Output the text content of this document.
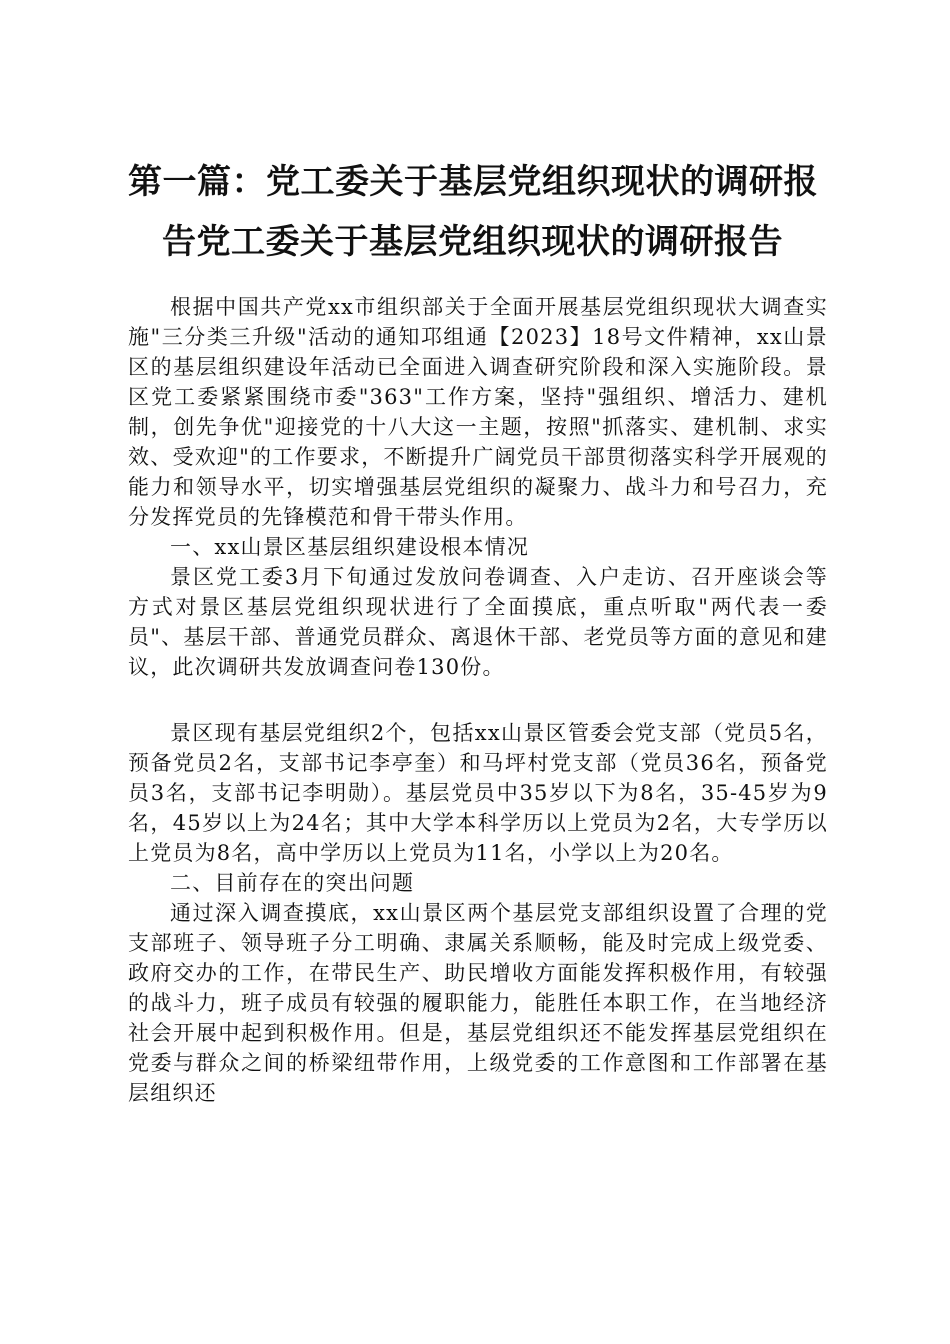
第一篇：党工委关于基层党组织现状的调研报
告党工委关于基层党组织现状的调研报告

根据中国共产党xx市组织部关于全面开展基层党组织现状大调查实施"三分类三升级"活动的通知邛组通【2023】18号文件精神，xx山景区的基层组织建设年活动已全面进入调查研究阶段和深入实施阶段。景区党工委紧紧围绕市委"363"工作方案，坚持"强组织、增活力、建机制，创先争优"迎接党的十八大这一主题，按照"抓落实、建机制、求实效、受欢迎"的工作要求，不断提升广阔党员干部贯彻落实科学开展观的能力和领导水平，切实增强基层党组织的凝聚力、战斗力和号召力，充分发挥党员的先锋模范和骨干带头作用。

一、xx山景区基层组织建设根本情况

景区党工委3月下旬通过发放问卷调查、入户走访、召开座谈会等方式对景区基层党组织现状进行了全面摸底，重点听取"两代表一委员"、基层干部、普通党员群众、离退休干部、老党员等方面的意见和建议，此次调研共发放调查问卷130份。

景区现有基层党组织2个，包括xx山景区管委会党支部（党员5名，预备党员2名，支部书记李亭奎）和马坪村党支部（党员36名，预备党员3名，支部书记李明勋）。基层党员中35岁以下为8名，35-45岁为9名，45岁以上为24名；其中大学本科学历以上党员为2名，大专学历以上党员为8名，高中学历以上党员为11名，小学以上为20名。

二、目前存在的突出问题

通过深入调查摸底，xx山景区两个基层党支部组织设置了合理的党支部班子、领导班子分工明确、隶属关系顺畅，能及时完成上级党委、政府交办的工作，在带民生产、助民增收方面能发挥积极作用，有较强的战斗力，班子成员有较强的履职能力，能胜任本职工作，在当地经济社会开展中起到积极作用。但是，基层党组织还不能发挥基层党组织在党委与群众之间的桥梁纽带作用，上级党委的工作意图和工作部署在基层组织还
